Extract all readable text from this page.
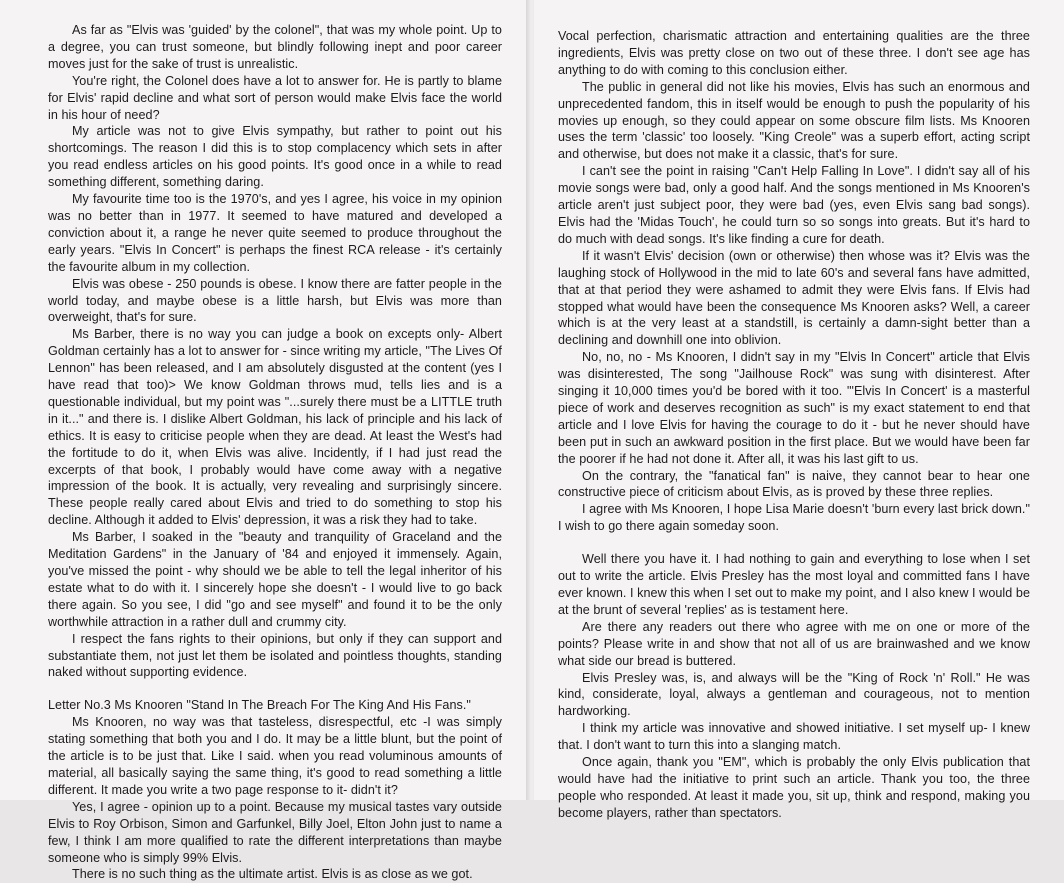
As far as "Elvis was 'guided' by the colonel", that was my whole point. Up to a degree, you can trust someone, but blindly following inept and poor career moves just for the sake of trust is unrealistic.

You're right, the Colonel does have a lot to answer for. He is partly to blame for Elvis' rapid decline and what sort of person would make Elvis face the world in his hour of need?

My article was not to give Elvis sympathy, but rather to point out his shortcomings. The reason I did this is to stop complacency which sets in after you read endless articles on his good points. It's good once in a while to read something different, something daring.

My favourite time too is the 1970's, and yes I agree, his voice in my opinion was no better than in 1977. It seemed to have matured and developed a conviction about it, a range he never quite seemed to produce throughout the early years. "Elvis In Concert" is perhaps the finest RCA release - it's certainly the favourite album in my collection.

Elvis was obese - 250 pounds is obese. I know there are fatter people in the world today, and maybe obese is a little harsh, but Elvis was more than overweight, that's for sure.

Ms Barber, there is no way you can judge a book on excepts only- Albert Goldman certainly has a lot to answer for - since writing my article, "The Lives Of Lennon" has been released, and I am absolutely disgusted at the content (yes I have read that too)> We know Goldman throws mud, tells lies and is a questionable individual, but my point was "...surely there must be a LITTLE truth in it..." and there is. I dislike Albert Goldman, his lack of principle and his lack of ethics. It is easy to criticise people when they are dead. At least the West's had the fortitude to do it, when Elvis was alive. Incidently, if I had just read the excerpts of that book, I probably would have come away with a negative impression of the book. It is actually, very revealing and surprisingly sincere. These people really cared about Elvis and tried to do something to stop his decline. Although it added to Elvis' depression, it was a risk they had to take.

Ms Barber, I soaked in the "beauty and tranquility of Graceland and the Meditation Gardens" in the January of '84 and enjoyed it immensely. Again, you've missed the point - why should we be able to tell the legal inheritor of his estate what to do with it. I sincerely hope she doesn't - I would live to go back there again. So you see, I did "go and see myself" and found it to be the only worthwhile attraction in a rather dull and crummy city.

I respect the fans rights to their opinions, but only if they can support and substantiate them, not just let them be isolated and pointless thoughts, standing naked without supporting evidence.

Letter No.3 Ms Knooren "Stand In The Breach For The King And His Fans."

Ms Knooren, no way was that tasteless, disrespectful, etc -I was simply stating something that both you and I do. It may be a little blunt, but the point of the article is to be just that. Like I said. when you read voluminous amounts of material, all basically saying the same thing, it's good to read something a little different. It made you write a two page response to it- didn't it?

Yes, I agree - opinion up to a point. Because my musical tastes vary outside Elvis to Roy Orbison, Simon and Garfunkel, Billy Joel, Elton John just to name a few, I think I am more qualified to rate the different interpretations than maybe someone who is simply 99% Elvis.

There is no such thing as the ultimate artist. Elvis is as close as we got.

Vocal perfection, charismatic attraction and entertaining qualities are the three ingredients, Elvis was pretty close on two out of these three. I don't see age has anything to do with coming to this conclusion either.

The public in general did not like his movies, Elvis has such an enormous and unprecedented fandom, this in itself would be enough to push the popularity of his movies up enough, so they could appear on some obscure film lists. Ms Knooren uses the term 'classic' too loosely. "King Creole" was a superb effort, acting script and otherwise, but does not make it a classic, that's for sure.

I can't see the point in raising "Can't Help Falling In Love". I didn't say all of his movie songs were bad, only a good half. And the songs mentioned in Ms Knooren's article aren't just subject poor, they were bad (yes, even Elvis sang bad songs). Elvis had the 'Midas Touch', he could turn so so songs into greats. But it's hard to do much with dead songs. It's like finding a cure for death.

If it wasn't Elvis' decision (own or otherwise) then whose was it? Elvis was the laughing stock of Hollywood in the mid to late 60's and several fans have admitted, that at that period they were ashamed to admit they were Elvis fans. If Elvis had stopped what would have been the consequence Ms Knooren asks? Well, a career which is at the very least at a standstill, is certainly a damn-sight better than a declining and downhill one into oblivion.

No, no, no - Ms Knooren, I didn't say in my "Elvis In Concert" article that Elvis was disinterested, The song "Jailhouse Rock" was sung with disinterest. After singing it 10,000 times you'd be bored with it too. "'Elvis In Concert' is a masterful piece of work and deserves recognition as such" is my exact statement to end that article and I love Elvis for having the courage to do it - but he never should have been put in such an awkward position in the first place. But we would have been far the poorer if he had not done it. After all, it was his last gift to us.

On the contrary, the "fanatical fan" is naive, they cannot bear to hear one constructive piece of criticism about Elvis, as is proved by these three replies.

I agree with Ms Knooren, I hope Lisa Marie doesn't 'burn every last brick down." I wish to go there again someday soon.

Well there you have it. I had nothing to gain and everything to lose when I set out to write the article. Elvis Presley has the most loyal and committed fans I have ever known. I knew this when I set out to make my point, and I also knew I would be at the brunt of several 'replies' as is testament here.

Are there any readers out there who agree with me on one or more of the points? Please write in and show that not all of us are brainwashed and we know what side our bread is buttered.

Elvis Presley was, is, and always will be the "King of Rock 'n' Roll." He was kind, considerate, loyal, always a gentleman and courageous, not to mention hardworking.

I think my article was innovative and showed initiative. I set myself up- I knew that. I don't want to turn this into a slanging match.

Once again, thank you "EM", which is probably the only Elvis publication that would have had the initiative to print such an article. Thank you too, the three people who responded. At least it made you, sit up, think and respond, making you become players, rather than spectators.
